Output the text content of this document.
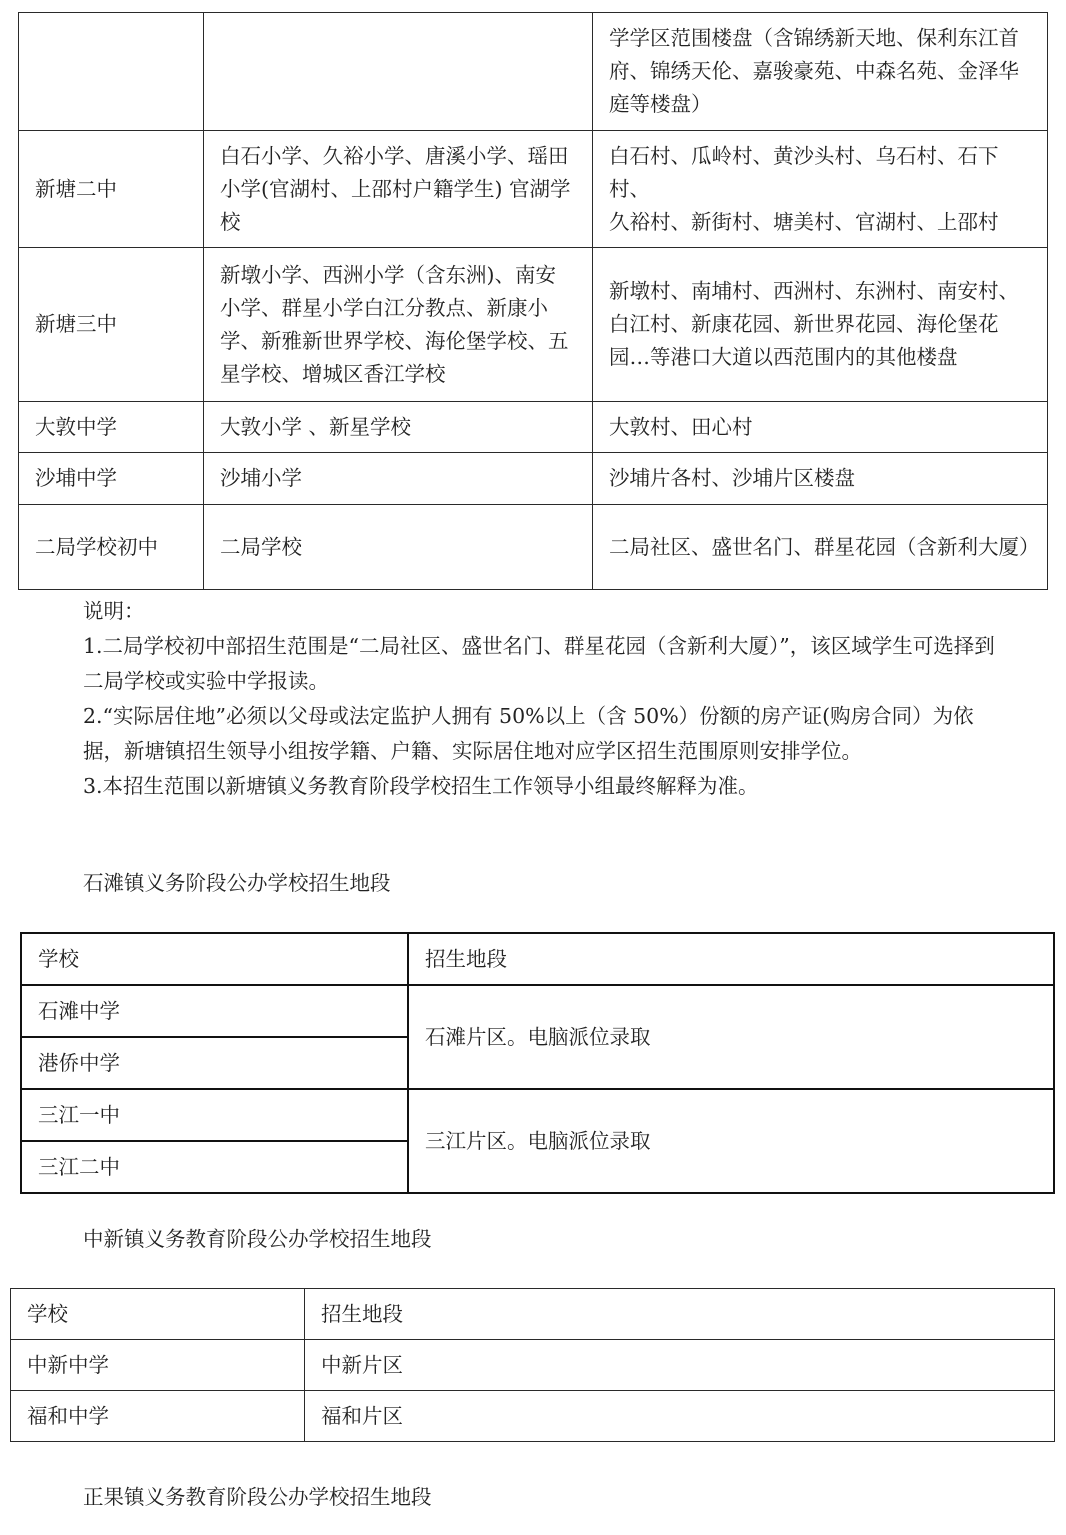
		学学区范围楼盘（含锦绣新天地、保利东江首府、锦绣天伦、嘉骏豪苑、中森名苑、金泽华庭等楼盘）
新塘二中	白石小学、久裕小学、唐溪小学、瑶田小学(官湖村、上邵村户籍学生) 官湖学校	白石村、瓜岭村、黄沙头村、乌石村、石下村、
久裕村、新街村、塘美村、官湖村、上邵村
新塘三中	新墩小学、西洲小学（含东洲)、南安小学、群星小学白江分教点、新康小学、新雅新世界学校、海伦堡学校、五星学校、增城区香江学校	新墩村、南埔村、西洲村、东洲村、南安村、白江村、新康花园、新世界花园、海伦堡花园…等港口大道以西范围内的其他楼盘
大敦中学	大敦小学 、新星学校	大敦村、田心村
沙埔中学	沙埔小学	沙埔片各村、沙埔片区楼盘
二局学校初中	二局学校	二局社区、盛世名门、群星花园（含新利大厦）

说明：

1.二局学校初中部招生范围是“二局社区、盛世名门、群星花园（含新利大厦）”，该区域学生可选择到二局学校或实验中学报读。

2.“实际居住地”必须以父母或法定监护人拥有 50%以上（含 50%）份额的房产证(购房合同）为依据，新塘镇招生领导小组按学籍、户籍、实际居住地对应学区招生范围原则安排学位。

3.本招生范围以新塘镇义务教育阶段学校招生工作领导小组最终解释为准。

石滩镇义务阶段公办学校招生地段
学校	招生地段
石滩中学	石滩片区。电脑派位录取
港侨中学	
三江一中	三江片区。电脑派位录取
三江二中	
中新镇义务教育阶段公办学校招生地段
学校	招生地段
中新中学	中新片区
福和中学	福和片区
正果镇义务教育阶段公办学校招生地段
